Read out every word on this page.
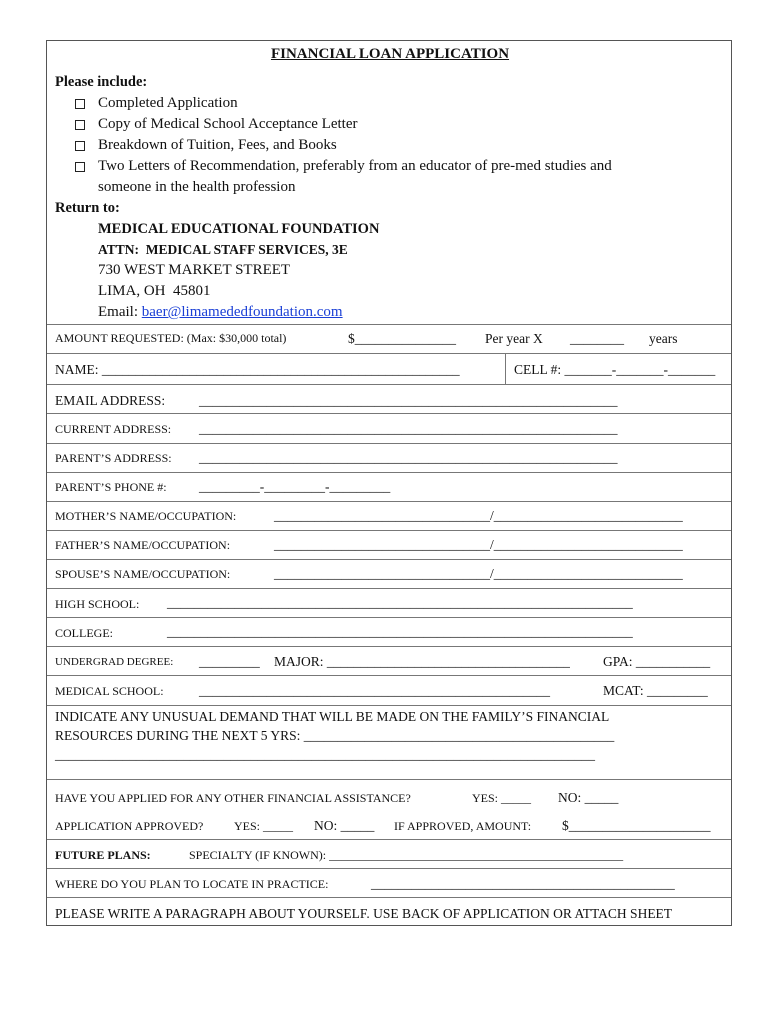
FINANCIAL LOAN APPLICATION
Please include:
Completed Application
Copy of Medical School Acceptance Letter
Breakdown of Tuition, Fees, and Books
Two Letters of Recommendation, preferably from an educator of pre-med studies and
someone in the health profession
Return to:
MEDICAL EDUCATIONAL FOUNDATION
ATTN:  MEDICAL STAFF SERVICES, 3E
730 WEST MARKET STREET
LIMA, OH  45801
Email: baer@limamededfoundation.com
AMOUNT REQUESTED: (Max: $30,000 total)	$_______________ Per year X ________ years
NAME: _____________________________________________________	CELL #: _______-_______-_______
EMAIL ADDRESS:	______________________________________________________________
CURRENT ADDRESS: ______________________________________________________________
PARENT’S ADDRESS: ______________________________________________________________
PARENT’S PHONE #: _________-_________-_________
MOTHER’S NAME/OCCUPATION:	________________________________/____________________________
FATHER’S NAME/OCCUPATION:	________________________________/____________________________
SPOUSE’S NAME/OCCUPATION:	________________________________/____________________________
HIGH SCHOOL: _____________________________________________________________________
COLLEGE:	_____________________________________________________________________
UNDERGRAD DEGREE: _________ MAJOR: ____________________________________ GPA: ___________
MEDICAL SCHOOL:	____________________________________________________	MCAT: _________
INDICATE ANY UNUSUAL DEMAND THAT WILL BE MADE ON THE FAMILY’S FINANCIAL
RESOURCES DURING THE NEXT 5 YRS: ______________________________________________
________________________________________________________________________________
HAVE YOU APPLIED FOR ANY OTHER FINANCIAL ASSISTANCE?	YES: _____ NO: _____
APPLICATION APPROVED?	YES: _____ NO: _____ IF APPROVED, AMOUNT: $_____________________
FUTURE PLANS:	SPECIALTY (IF KNOWN): _________________________________________________
WHERE DO YOU PLAN TO LOCATE IN PRACTICE:	_____________________________________________
PLEASE WRITE A PARAGRAPH ABOUT YOURSELF. USE BACK OF APPLICATION OR ATTACH SHEET
